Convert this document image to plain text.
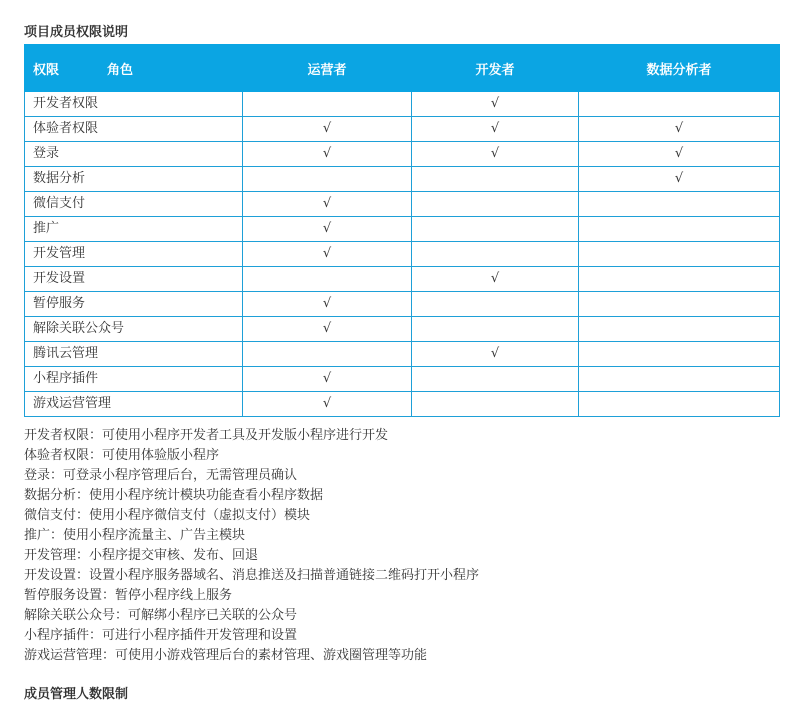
项目成员权限说明
权限 角色	运营者	开发者	数据分析者
开发者权限		√	
体验者权限	√	√	√
登录	√	√	√
数据分析			√
微信支付	√		
推广	√		
开发管理	√		
开发设置		√	
暂停服务	√		
解除关联公众号	√		
腾讯云管理		√	
小程序插件	√		
游戏运营管理	√		
开发者权限：可使用小程序开发者工具及开发版小程序进行开发
体验者权限：可使用体验版小程序
登录：可登录小程序管理后台，无需管理员确认
数据分析：使用小程序统计模块功能查看小程序数据
微信支付：使用小程序微信支付（虚拟支付）模块
推广：使用小程序流量主、广告主模块
开发管理：小程序提交审核、发布、回退
开发设置：设置小程序服务器域名、消息推送及扫描普通链接二维码打开小程序
暂停服务设置：暂停小程序线上服务
解除关联公众号：可解绑小程序已关联的公众号
小程序插件：可进行小程序插件开发管理和设置
游戏运营管理：可使用小游戏管理后台的素材管理、游戏圈管理等功能
成员管理人数限制
